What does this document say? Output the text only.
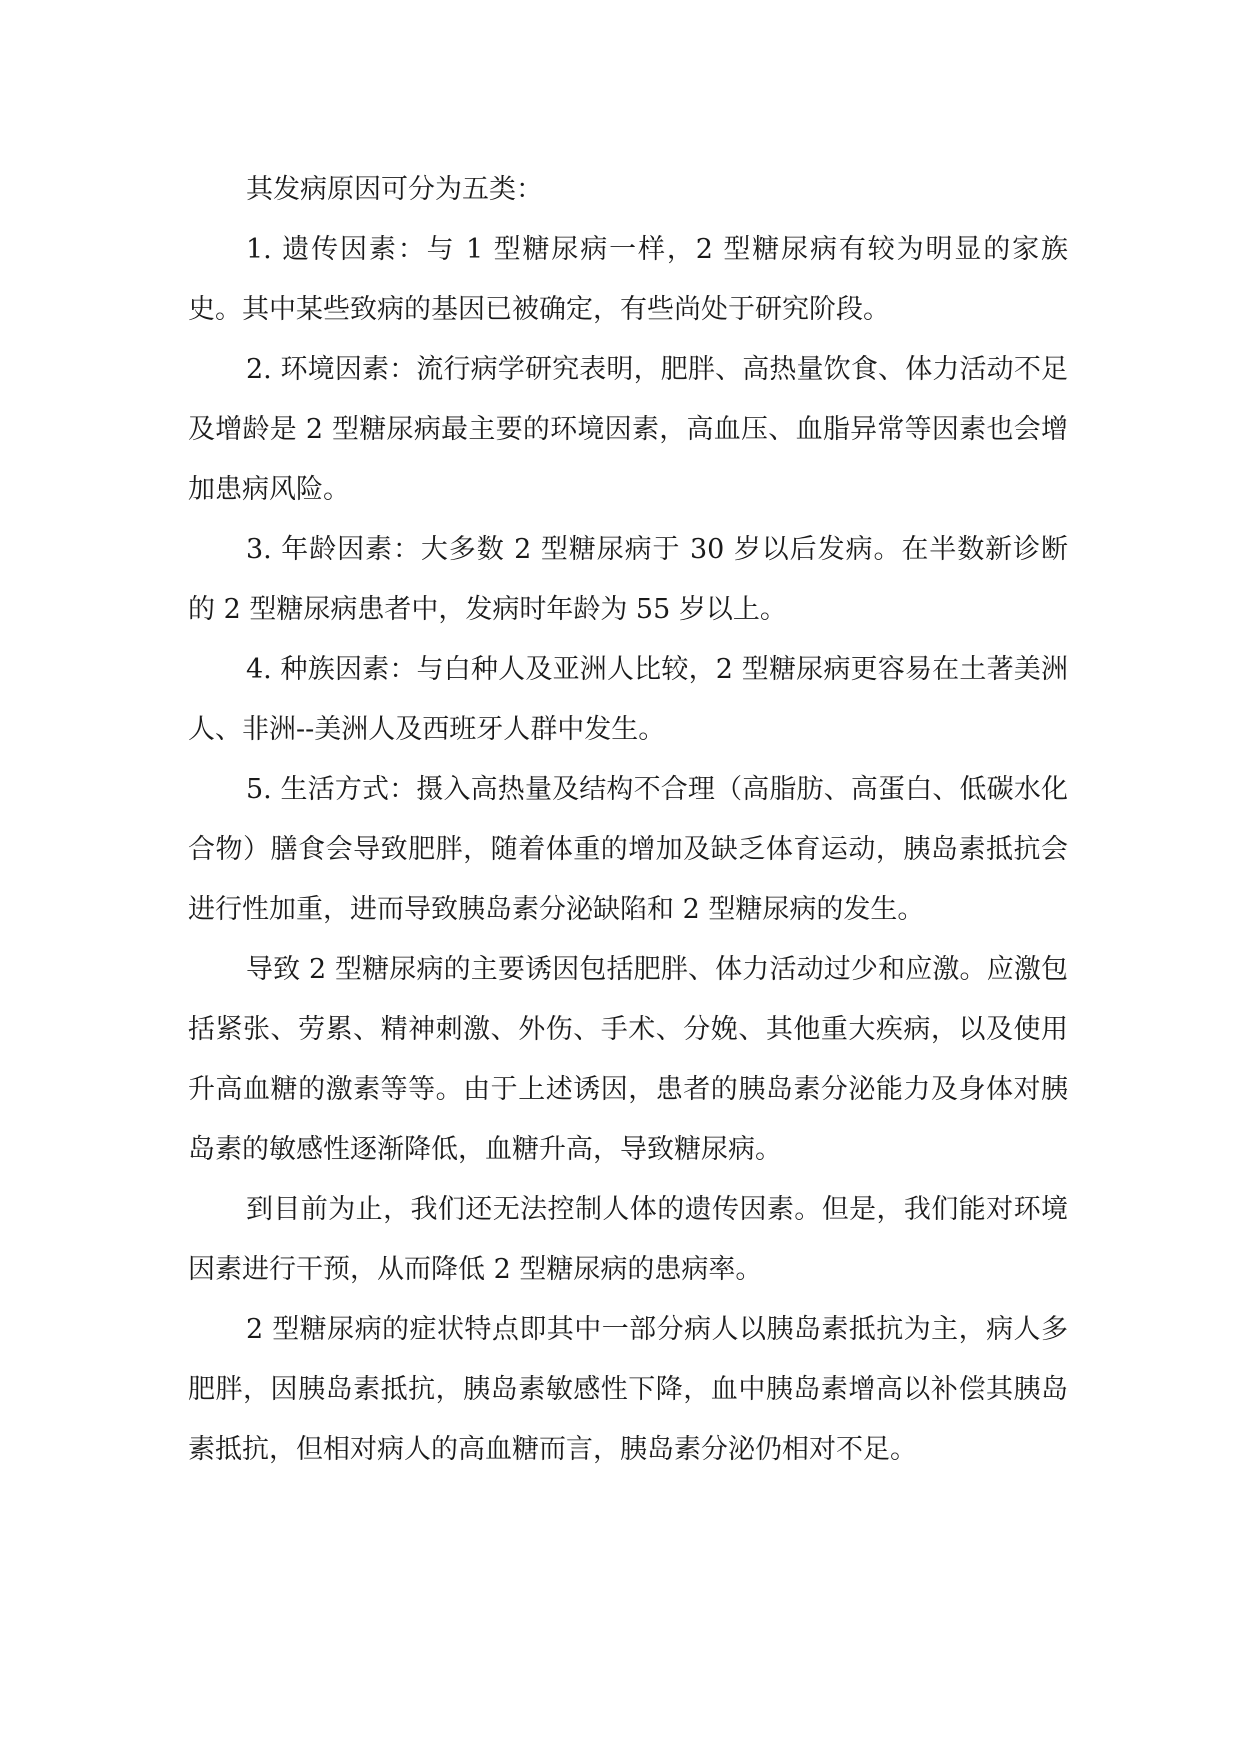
其发病原因可分为五类：

1. 遗传因素：与 1 型糖尿病一样，2 型糖尿病有较为明显的家族史。其中某些致病的基因已被确定，有些尚处于研究阶段。

2. 环境因素：流行病学研究表明，肥胖、高热量饮食、体力活动不足及增龄是 2 型糖尿病最主要的环境因素，高血压、血脂异常等因素也会增加患病风险。

3. 年龄因素：大多数 2 型糖尿病于 30 岁以后发病。在半数新诊断的 2 型糖尿病患者中，发病时年龄为 55 岁以上。

4. 种族因素：与白种人及亚洲人比较，2 型糖尿病更容易在土著美洲人、非洲--美洲人及西班牙人群中发生。

5. 生活方式：摄入高热量及结构不合理（高脂肪、高蛋白、低碳水化合物）膳食会导致肥胖，随着体重的增加及缺乏体育运动，胰岛素抵抗会进行性加重，进而导致胰岛素分泌缺陷和 2 型糖尿病的发生。

导致 2 型糖尿病的主要诱因包括肥胖、体力活动过少和应激。应激包括紧张、劳累、精神刺激、外伤、手术、分娩、其他重大疾病，以及使用升高血糖的激素等等。由于上述诱因，患者的胰岛素分泌能力及身体对胰岛素的敏感性逐渐降低，血糖升高，导致糖尿病。

到目前为止，我们还无法控制人体的遗传因素。但是，我们能对环境因素进行干预，从而降低 2 型糖尿病的患病率。

2 型糖尿病的症状特点即其中一部分病人以胰岛素抵抗为主，病人多肥胖，因胰岛素抵抗，胰岛素敏感性下降，血中胰岛素增高以补偿其胰岛素抵抗，但相对病人的高血糖而言，胰岛素分泌仍相对不足。
